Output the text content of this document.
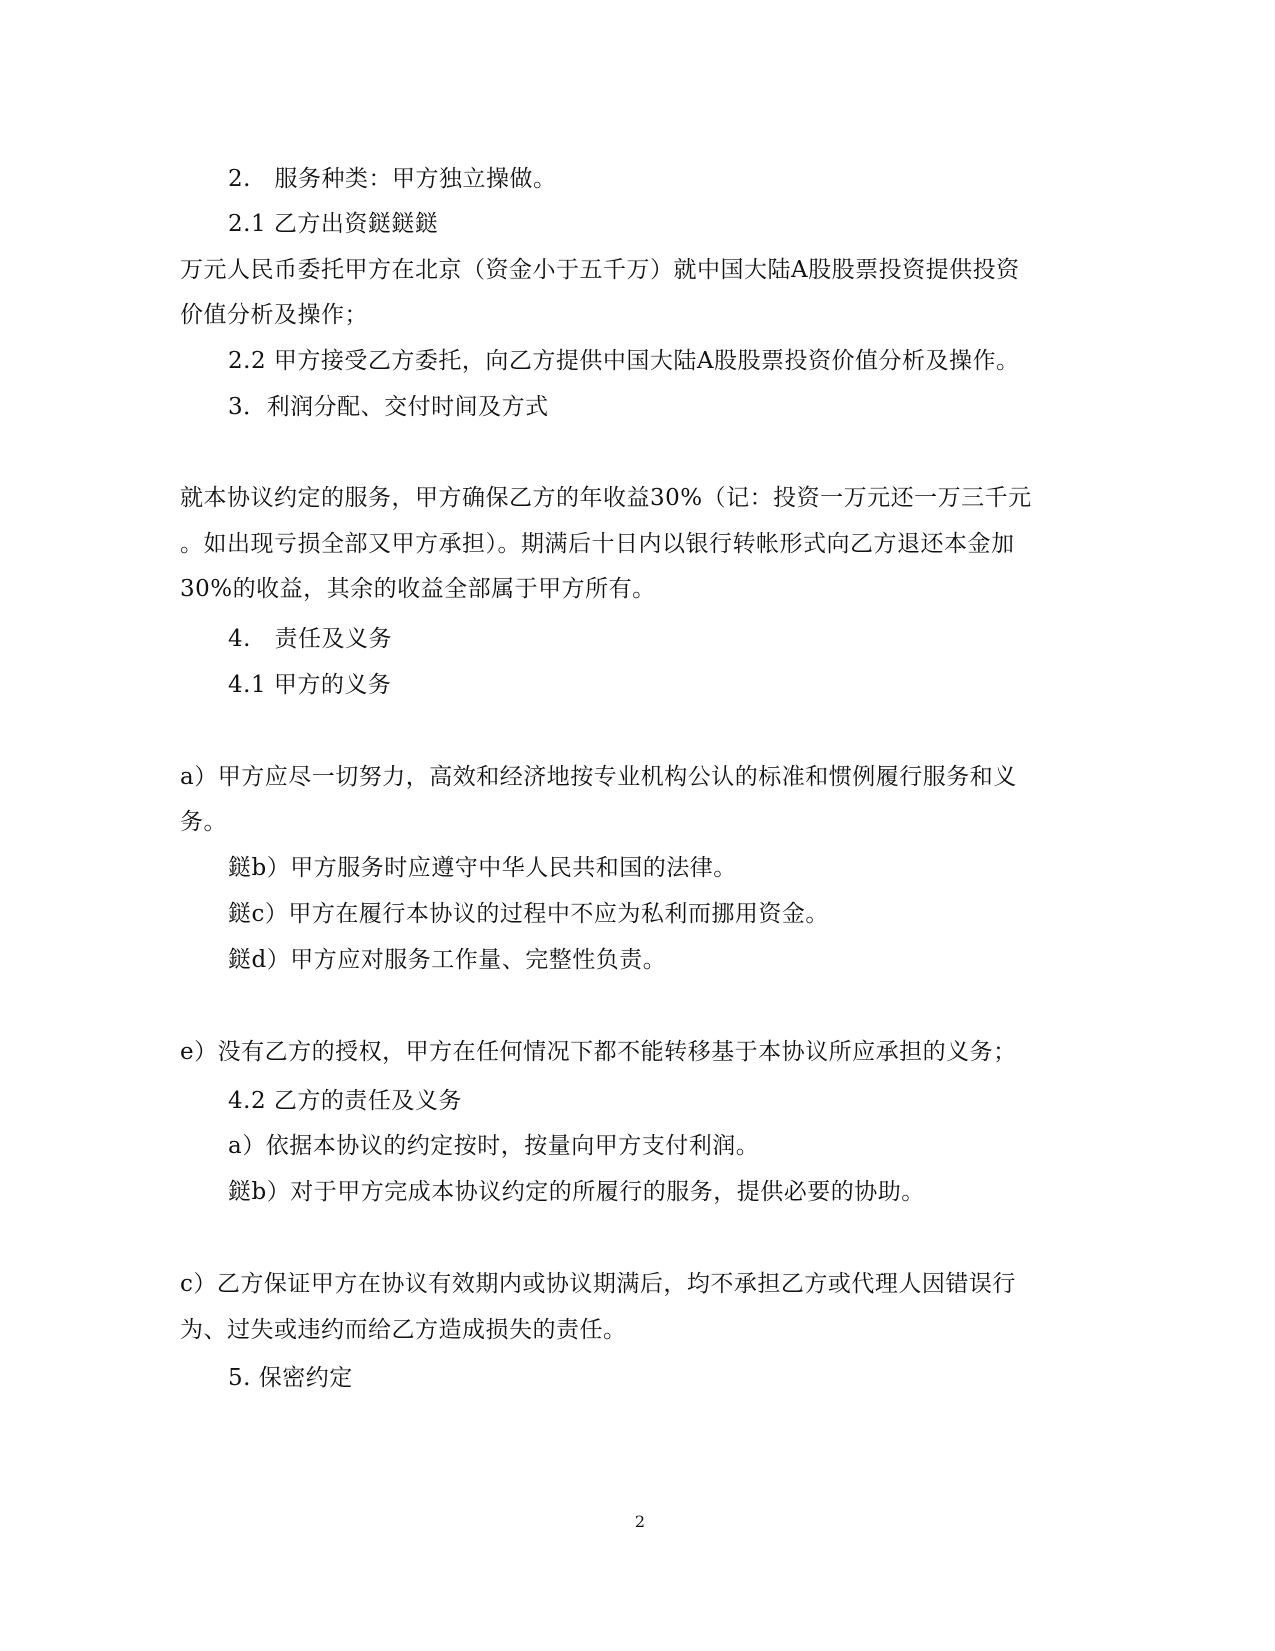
2.　服务种类：甲方独立操做。
2.1 乙方出资鎹鎹鎹
万元人民币委托甲方在北京（资金小于五千万）就中国大陆A股股票投资提供投资
价值分析及操作；
2.2 甲方接受乙方委托，向乙方提供中国大陆A股股票投资价值分析及操作。
3．利润分配、交付时间及方式
就本协议约定的服务，甲方确保乙方的年收益30%（记：投资一万元还一万三千元
。如出现亏损全部又甲方承担）。期满后十日内以银行转帐形式向乙方退还本金加
30%的收益，其余的收益全部属于甲方所有。
4.　责任及义务
4.1 甲方的义务
a）甲方应尽一切努力，高效和经济地按专业机构公认的标准和惯例履行服务和义
务。
鎹b）甲方服务时应遵守中华人民共和国的法律。
鎹c）甲方在履行本协议的过程中不应为私利而挪用资金。
鎹d）甲方应对服务工作量、完整性负责。
e）没有乙方的授权，甲方在任何情况下都不能转移基于本协议所应承担的义务；
4.2 乙方的责任及义务
a）依据本协议的约定按时，按量向甲方支付利润。
鎹b）对于甲方完成本协议约定的所履行的服务，提供必要的协助。
c）乙方保证甲方在协议有效期内或协议期满后，均不承担乙方或代理人因错误行
为、过失或违约而给乙方造成损失的责任。
5. 保密约定
2
